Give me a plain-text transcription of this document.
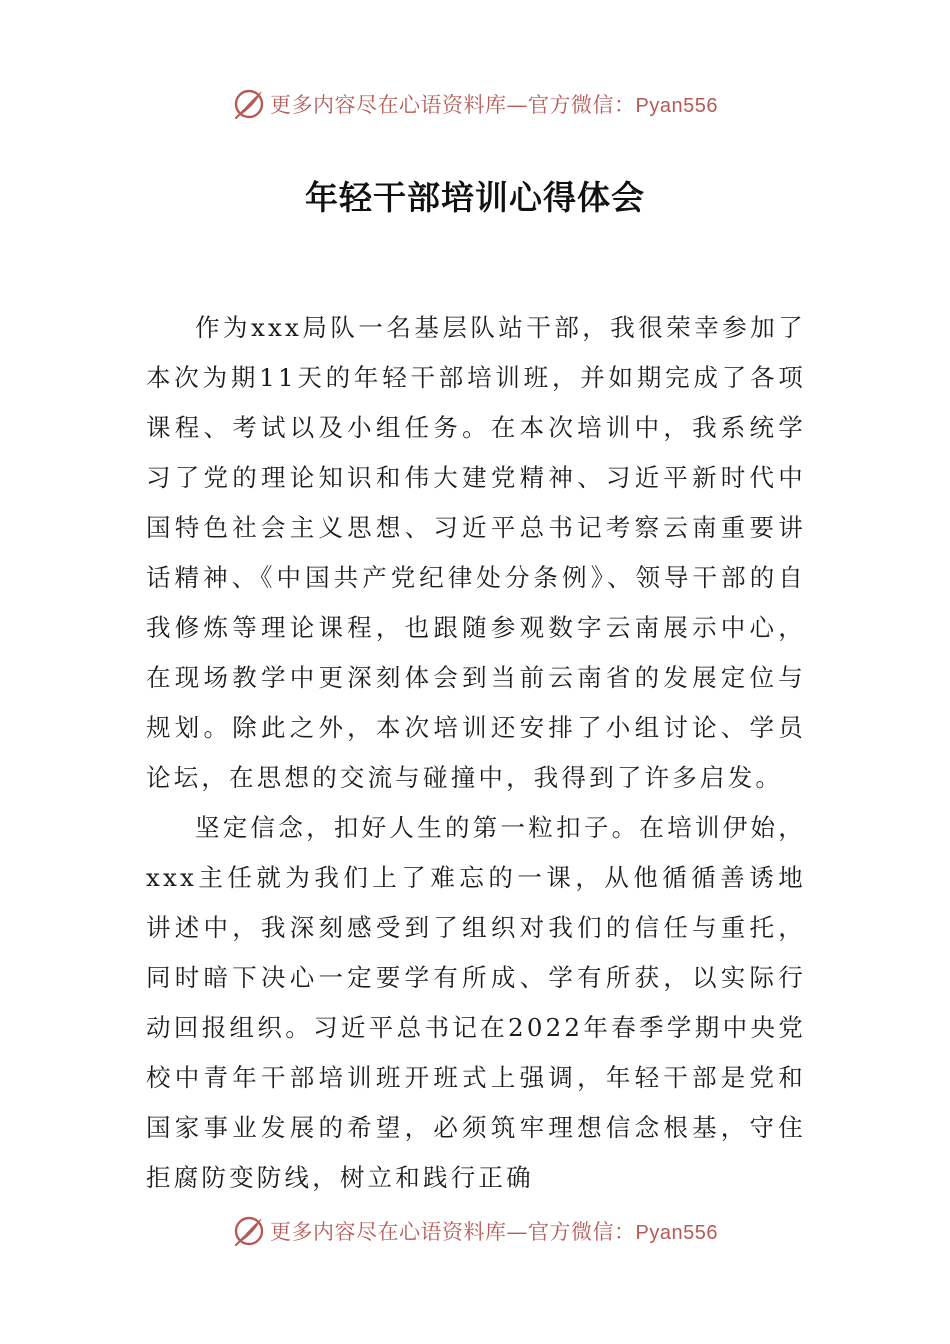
更多内容尽在心语资料库—官方微信：Pyan556
年轻干部培训心得体会

作为xxx局队一名基层队站干部，我很荣幸参加了本次为期11天的年轻干部培训班，并如期完成了各项课程、考试以及小组任务。在本次培训中，我系统学习了党的理论知识和伟大建党精神、习近平新时代中国特色社会主义思想、习近平总书记考察云南重要讲话精神、《中国共产党纪律处分条例》、领导干部的自我修炼等理论课程，也跟随参观数字云南展示中心，在现场教学中更深刻体会到当前云南省的发展定位与规划。除此之外，本次培训还安排了小组讨论、学员论坛，在思想的交流与碰撞中，我得到了许多启发。

坚定信念，扣好人生的第一粒扣子。在培训伊始，xxx主任就为我们上了难忘的一课，从他循循善诱地讲述中，我深刻感受到了组织对我们的信任与重托，同时暗下决心一定要学有所成、学有所获，以实际行动回报组织。习近平总书记在2022年春季学期中央党校中青年干部培训班开班式上强调，年轻干部是党和国家事业发展的希望，必须筑牢理想信念根基，守住拒腐防变防线，树立和践行正确

更多内容尽在心语资料库—官方微信：Pyan556
